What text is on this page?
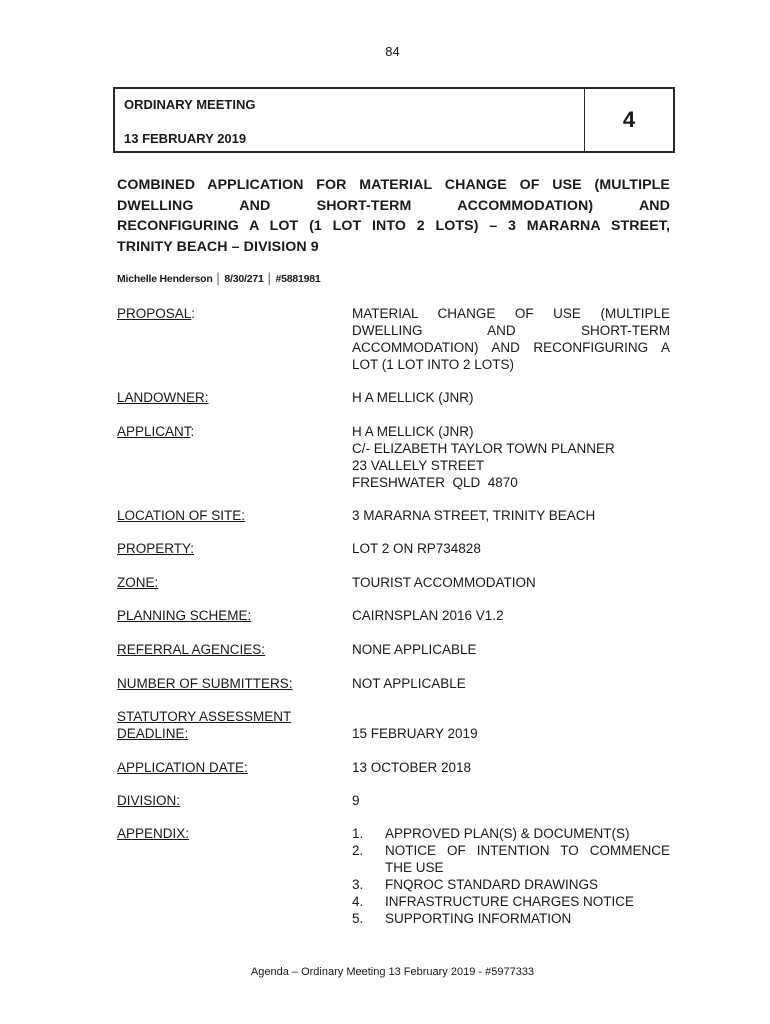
84
ORDINARY MEETING
13 FEBRUARY 2019
4
COMBINED APPLICATION FOR MATERIAL CHANGE OF USE (MULTIPLE
DWELLING AND SHORT-TERM ACCOMMODATION) AND
RECONFIGURING A LOT (1 LOT INTO 2 LOTS) – 3 MARARNA STREET,
TRINITY BEACH – DIVISION 9
Michelle Henderson │ 8/30/271 │ #5881981
PROPOSAL:	MATERIAL CHANGE OF USE (MULTIPLE
DWELLING AND SHORT-TERM
ACCOMMODATION) AND RECONFIGURING A
LOT (1 LOT INTO 2 LOTS)
LANDOWNER:	H A MELLICK (JNR)
APPLICANT:	H A MELLICK (JNR)
C/- ELIZABETH TAYLOR TOWN PLANNER
23 VALLELY STREET
FRESHWATER  QLD  4870
LOCATION OF SITE:	3 MARARNA STREET, TRINITY BEACH
PROPERTY:	LOT 2 ON RP734828
ZONE:	TOURIST ACCOMMODATION
PLANNING SCHEME:	CAIRNSPLAN 2016 V1.2
REFERRAL AGENCIES:	NONE APPLICABLE
NUMBER OF SUBMITTERS:	NOT APPLICABLE
STATUTORY ASSESSMENT
DEADLINE:	15 FEBRUARY 2019
APPLICATION DATE:	13 OCTOBER 2018
DIVISION:	9
APPENDIX:	1. APPROVED PLAN(S) & DOCUMENT(S)
2. NOTICE OF INTENTION TO COMMENCE
THE USE
3. FNQROC STANDARD DRAWINGS
4. INFRASTRUCTURE CHARGES NOTICE
5. SUPPORTING INFORMATION
Agenda – Ordinary Meeting 13 February 2019 - #5977333
